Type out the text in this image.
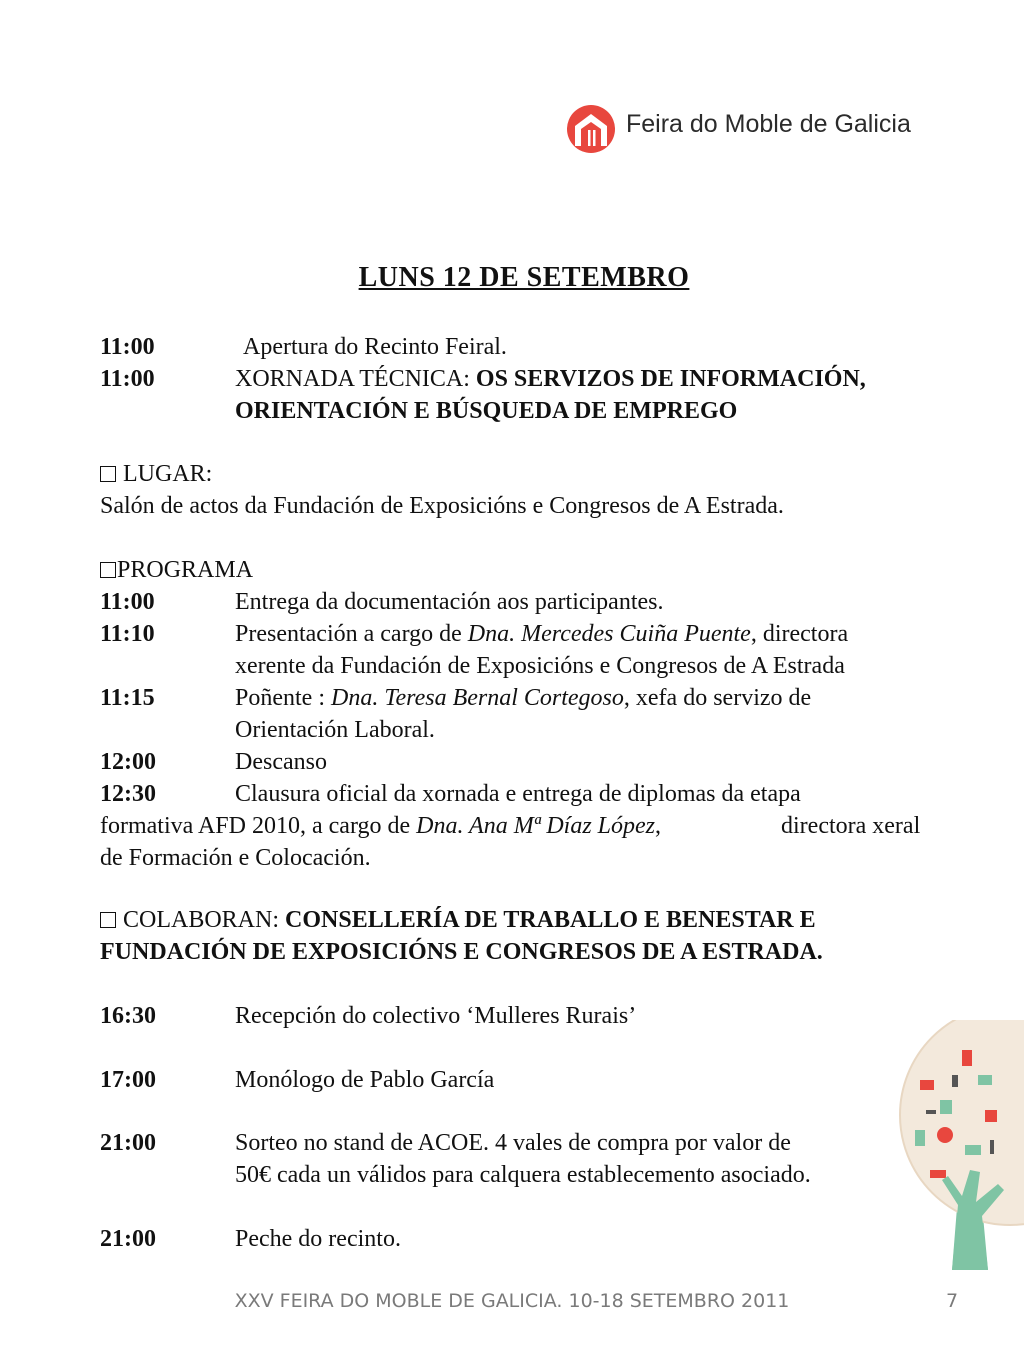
Feira do Moble de Galicia
LUNS 12 DE SETEMBRO
11:00	Apertura do Recinto Feiral.
11:00	XORNADA TÉCNICA: OS SERVIZOS DE INFORMACIÓN,
ORIENTACIÓN E BÚSQUEDA DE EMPREGO
LUGAR:
Salón de actos da Fundación de Exposicións e Congresos de A Estrada.
PROGRAMA
11:00	Entrega da documentación aos participantes.
11:10	Presentación a cargo de Dna. Mercedes Cuiña Puente, directora
xerente da Fundación de Exposicións e Congresos de A Estrada
11:15	Poñente : Dna. Teresa Bernal Cortegoso, xefa do servizo de
Orientación Laboral.
12:00	Descanso
12:30	Clausura oficial da xornada e entrega de diplomas da etapa
formativa AFD 2010, a cargo de Dna. Ana Mª Díaz López,	directora xeral
de Formación e Colocación.
COLABORAN: CONSELLERÍA DE TRABALLO E BENESTAR E
FUNDACIÓN DE EXPOSICIÓNS E CONGRESOS DE A ESTRADA.
16:30	Recepción do colectivo ‘Mulleres Rurais’
17:00	Monólogo de Pablo García
21:00	Sorteo no stand de ACOE. 4 vales de compra por valor de
50€ cada un válidos para calquera establecemento asociado.
21:00	Peche do recinto.
XXV FEIRA DO MOBLE DE GALICIA. 10-18 SETEMBRO 2011	7
